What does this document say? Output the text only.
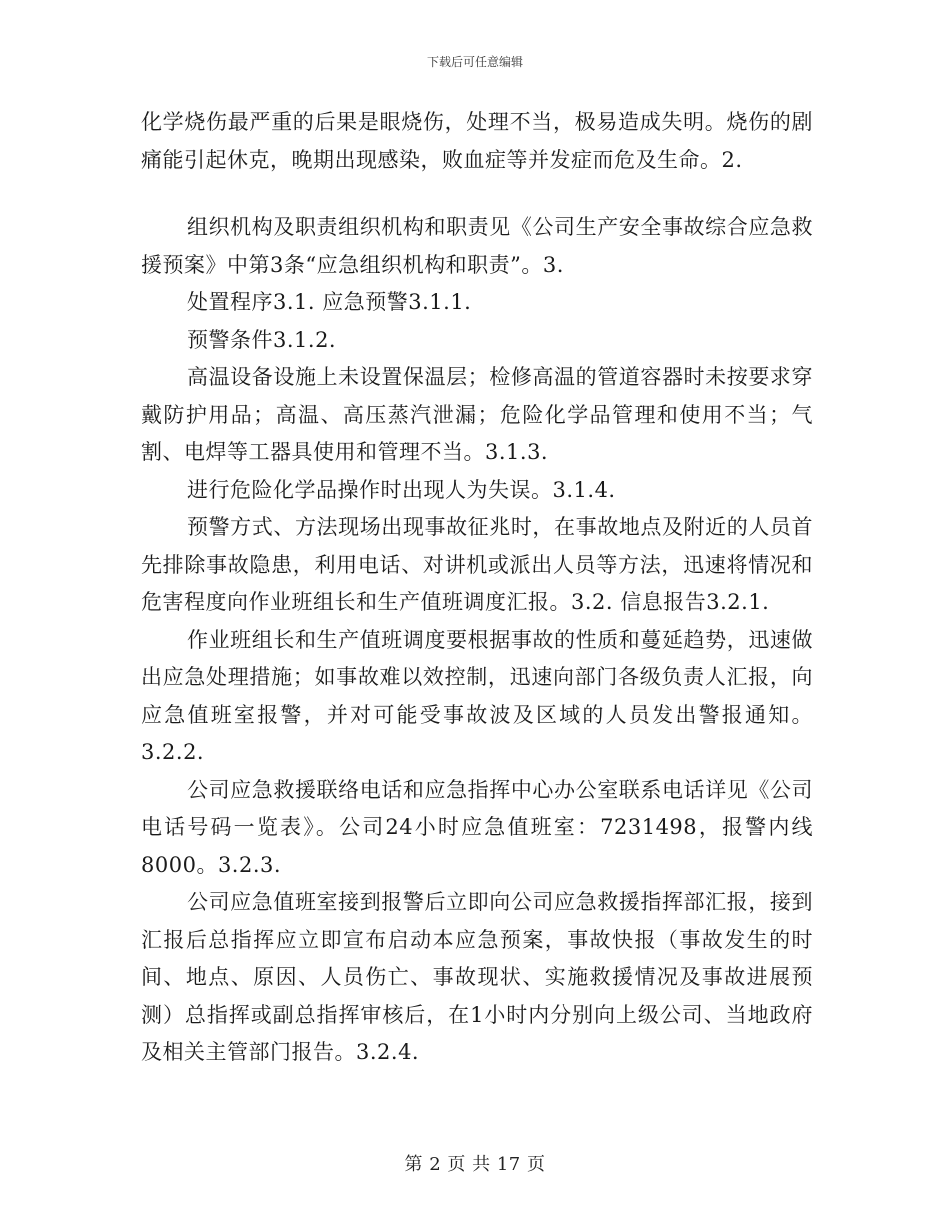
下载后可任意编辑

化学烧伤最严重的后果是眼烧伤，处理不当，极易造成失明。烧伤的剧痛能引起休克，晚期出现感染，败血症等并发症而危及生命。2.

组织机构及职责组织机构和职责见《公司生产安全事故综合应急救援预案》中第3条“应急组织机构和职责”。3.

处置程序3.1. 应急预警3.1.1.

预警条件3.1.2.

高温设备设施上未设置保温层；检修高温的管道容器时未按要求穿戴防护用品；高温、高压蒸汽泄漏；危险化学品管理和使用不当；气割、电焊等工器具使用和管理不当。3.1.3.

进行危险化学品操作时出现人为失误。3.1.4.

预警方式、方法现场出现事故征兆时，在事故地点及附近的人员首先排除事故隐患，利用电话、对讲机或派出人员等方法，迅速将情况和危害程度向作业班组长和生产值班调度汇报。3.2. 信息报告3.2.1.

作业班组长和生产值班调度要根据事故的性质和蔓延趋势，迅速做出应急处理措施；如事故难以效控制，迅速向部门各级负责人汇报，向应急值班室报警，并对可能受事故波及区域的人员发出警报通知。3.2.2.

公司应急救援联络电话和应急指挥中心办公室联系电话详见《公司电话号码一览表》。公司24小时应急值班室：7231498，报警内线8000。3.2.3.

公司应急值班室接到报警后立即向公司应急救援指挥部汇报，接到汇报后总指挥应立即宣布启动本应急预案，事故快报（事故发生的时间、地点、原因、人员伤亡、事故现状、实施救援情况及事故进展预测）总指挥或副总指挥审核后，在1小时内分别向上级公司、当地政府及相关主管部门报告。3.2.4.

第 2 页 共 17 页
